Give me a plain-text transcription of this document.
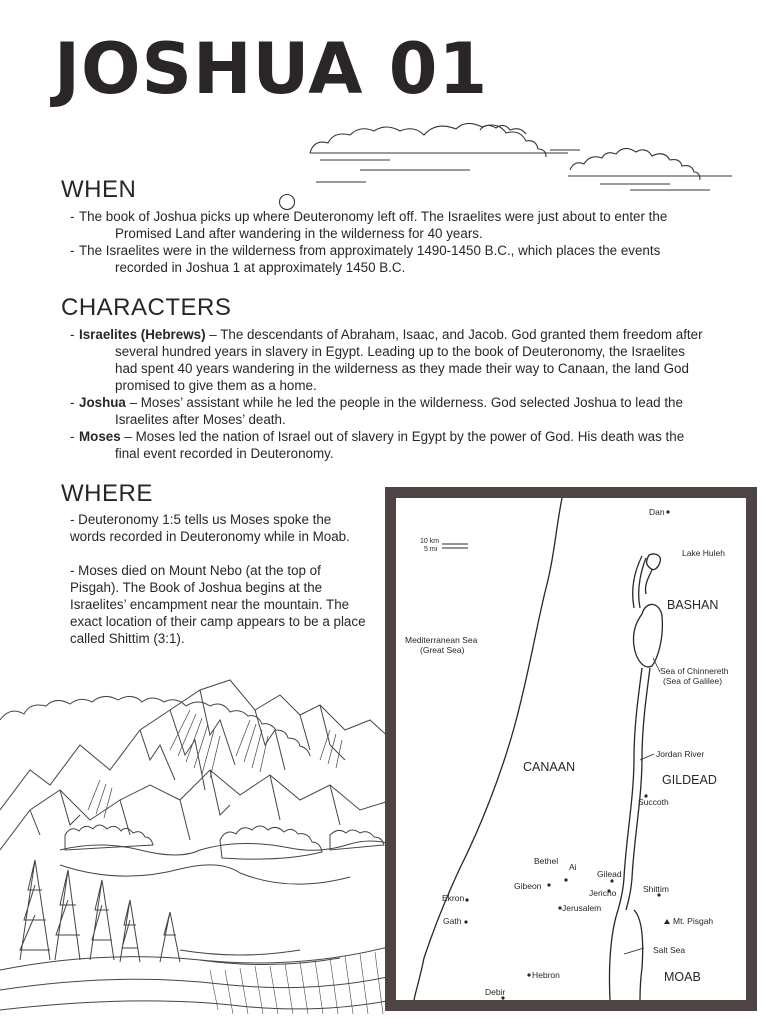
JOSHUA 01
WHEN
- The book of Joshua picks up where Deuteronomy left off. The Israelites were just about to enter the Promised Land after wandering in the wilderness for 40 years.
- The Israelites were in the wilderness from approximately 1490-1450 B.C., which places the events recorded in Joshua 1 at approximately 1450 B.C.
CHARACTERS
- Israelites (Hebrews) – The descendants of Abraham, Isaac, and Jacob. God granted them freedom after several hundred years in slavery in Egypt. Leading up to the book of Deuteronomy, the Israelites had spent 40 years wandering in the wilderness as they made their way to Canaan, the land God promised to give them as a home.
- Joshua – Moses’ assistant while he led the people in the wilderness. God selected Joshua to lead the Israelites after Moses’ death.
- Moses – Moses led the nation of Israel out of slavery in Egypt by the power of God. His death was the final event recorded in Deuteronomy.
WHERE

- Deuteronomy 1:5 tells us Moses spoke the words recorded in Deuteronomy while in Moab.

- Moses died on Mount Nebo (at the top of Pisgah). The Book of Joshua begins at the Israelites’ encampment near the mountain. The exact location of their camp appears to be a place called Shittim (3:1).

10 km
5 mi
Dan
Lake Huleh
BASHAN
Mediterranean Sea
(Great Sea)
Sea of Chinnereth
(Sea of Galilee)
Jordan River
CANAAN
GILDEAD
Succoth
Bethel
Ai
Gilead
Gibeon
Jericho	Shittim
Ekron
Jerusalem
Mt. Pisgah
Gath
Salt Sea
Hebron	MOAB
Debir
